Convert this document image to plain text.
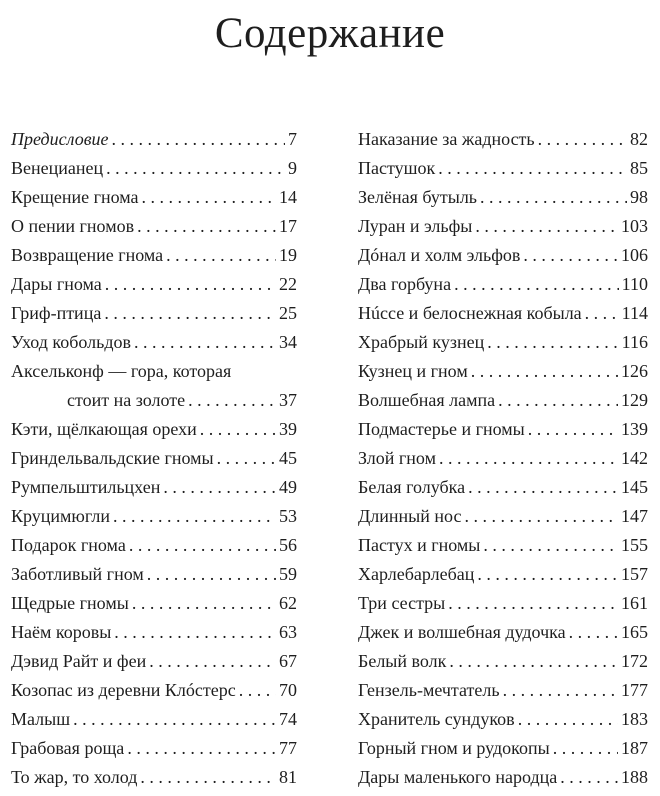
Содержание
Предисловие . . .	7
Венецианец . . .	9
Крещение гнома . . .	14
О пении гномов . . .	17
Возвращение гнома . . .	19
Дары гнома . . .	22
Гриф-птица . . .	25
Уход кобольдов . . .	34
Аксельконф — гора, которая
стоит на золоте . . .	37
Кэти, щёлкающая орехи . . .	39
Гриндельвальдские гномы . . .	45
Румпельштильцхен . . .	49
Круцимюгли . . .	53
Подарок гнома . . .	56
Заботливый гном . . .	59
Щедрые гномы . . .	62
Наём коровы . . .	63
Дэвид Райт и феи . . .	67
Козопас из деревни Клóстерс . . . 70
Малыш . . .	74
Грабовая роща . . .	77
То жар, то холод . . .	81
Наказание за жадность . . .	82
Пастушок . . .	85
Зелёная бутыль . . .	98
Луран и эльфы . . .	103
Дóнал и холм эльфов . . .	106
Два горбуна . . .	110
Нúссе и белоснежная кобыла . . . 114
Храбрый кузнец . . .	116
Кузнец и гном . . .	126
Волшебная лампа . . .	129
Подмастерье и гномы . . .	139
Злой гном . . .	142
Белая голубка . . .	145
Длинный нос . . .	147
Пастух и гномы . . .	155
Харлебарлебац . . .	157
Три сестры . . .	161
Джек и волшебная дудочка . . .	165
Белый волк . . .	172
Гензель-мечтатель . . .	177
Хранитель сундуков . . .	183
Горный гном и рудокопы . . .	187
Дары маленького народца . . .	188
